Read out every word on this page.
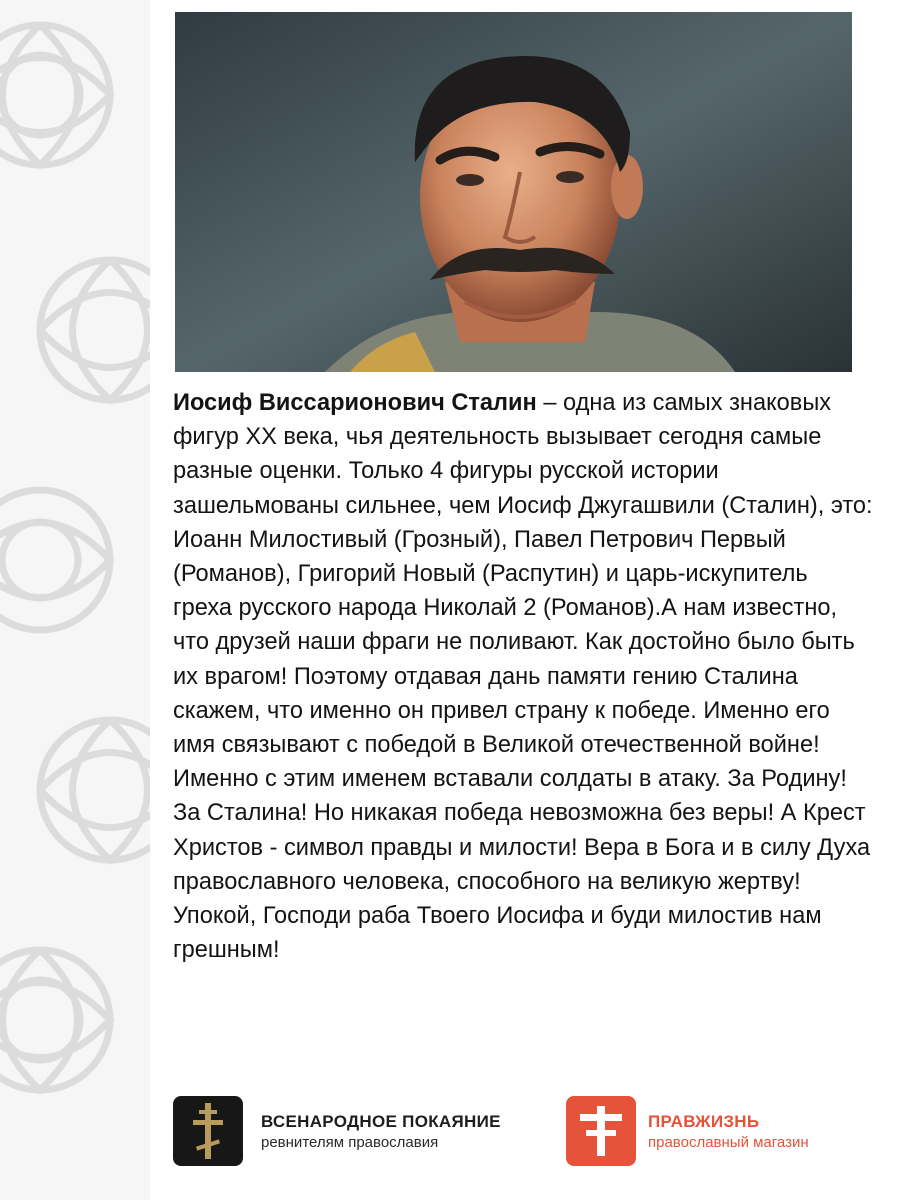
Иосиф Виссарионович Сталин – одна из самых знаковых фигур XX века, чья деятельность вызывает сегодня самые разные оценки. Только 4 фигуры русской истории зашельмованы сильнее, чем Иосиф Джугашвили (Сталин), это: Иоанн Милостивый (Грозный), Павел Петрович Первый (Романов), Григорий Новый (Распутин) и царь-искупитель греха русского народа Николай 2 (Романов).А нам известно, что друзей наши фраги не поливают. Как достойно было быть их врагом! Поэтому отдавая дань памяти гению Сталина скажем, что именно он привел страну к победе. Именно его имя связывают с победой в Великой отечественной войне! Именно с этим именем вставали солдаты в атаку. За Родину! За Сталина! Но никакая победа невозможна без веры! А Крест Христов - символ правды и милости! Вера в Бога и в силу Духа православного человека, способного на великую жертву!Упокой, Господи раба Твоего Иосифа и буди милостив нам грешным!
ВСЕНАРОДНОЕ ПОКАЯНИЕ
ревнителям православия
ПРАВЖИЗНЬ
православный магазин
